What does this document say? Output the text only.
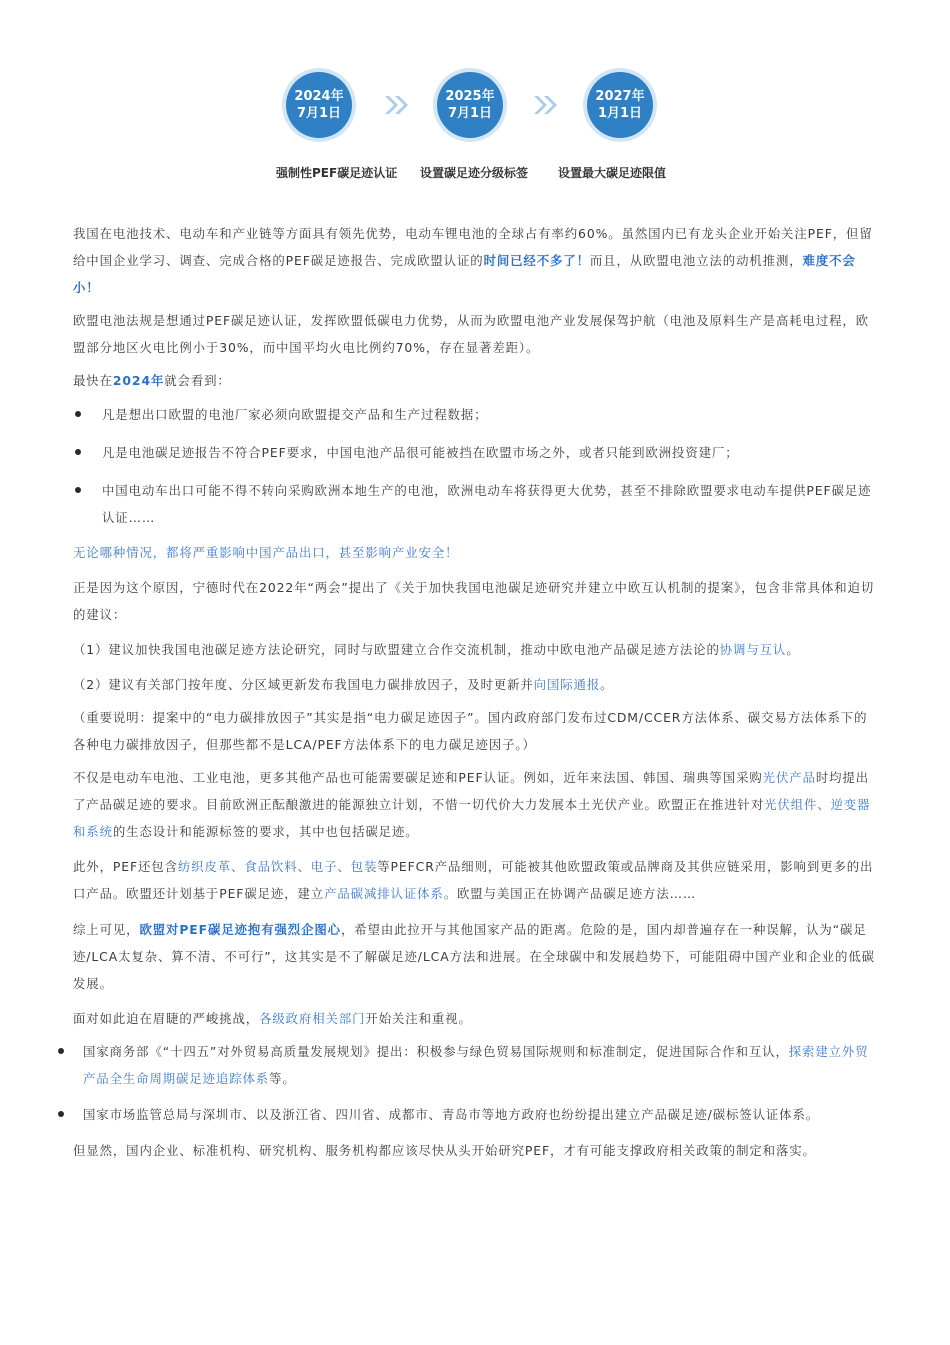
2024年
7月1日
2025年
7月1日
2027年
1月1日
强制性PEF碳足迹认证 设置碳足迹分级标签 设置最大碳足迹限值

我国在电池技术、电动车和产业链等方面具有领先优势，电动车锂电池的全球占有率约60%。虽然国内已有龙头企业开始关注PEF，但留给中国企业学习、调查、完成合格的PEF碳足迹报告、完成欧盟认证的时间已经不多了！而且，从欧盟电池立法的动机推测，难度不会小！

欧盟电池法规是想通过PEF碳足迹认证，发挥欧盟低碳电力优势，从而为欧盟电池产业发展保驾护航（电池及原料生产是高耗电过程，欧盟部分地区火电比例小于30%，而中国平均火电比例约70%，存在显著差距）。

最快在2024年就会看到：

凡是想出口欧盟的电池厂家必须向欧盟提交产品和生产过程数据；
凡是电池碳足迹报告不符合PEF要求，中国电池产品很可能被挡在欧盟市场之外，或者只能到欧洲投资建厂；
中国电动车出口可能不得不转向采购欧洲本地生产的电池，欧洲电动车将获得更大优势，甚至不排除欧盟要求电动车提供PEF碳足迹认证……

无论哪种情况，都将严重影响中国产品出口，甚至影响产业安全！

正是因为这个原因，宁德时代在2022年“两会”提出了《关于加快我国电池碳足迹研究并建立中欧互认机制的提案》，包含非常具体和迫切的建议：

（1）建议加快我国电池碳足迹方法论研究，同时与欧盟建立合作交流机制，推动中欧电池产品碳足迹方法论的协调与互认。

（2）建议有关部门按年度、分区域更新发布我国电力碳排放因子，及时更新并向国际通报。

（重要说明：提案中的“电力碳排放因子”其实是指“电力碳足迹因子”。国内政府部门发布过CDM/CCER方法体系、碳交易方法体系下的各种电力碳排放因子，但那些都不是LCA/PEF方法体系下的电力碳足迹因子。）

不仅是电动车电池、工业电池，更多其他产品也可能需要碳足迹和PEF认证。例如，近年来法国、韩国、瑞典等国采购光伏产品时均提出了产品碳足迹的要求。目前欧洲正酝酿激进的能源独立计划，不惜一切代价大力发展本土光伏产业。欧盟正在推进针对光伏组件、逆变器和系统的生态设计和能源标签的要求，其中也包括碳足迹。

此外，PEF还包含纺织皮革、食品饮料、电子、包装等PEFCR产品细则，可能被其他欧盟政策或品牌商及其供应链采用，影响到更多的出口产品。欧盟还计划基于PEF碳足迹，建立产品碳减排认证体系。欧盟与美国正在协调产品碳足迹方法……

综上可见，欧盟对PEF碳足迹抱有强烈企图心，希望由此拉开与其他国家产品的距离。危险的是，国内却普遍存在一种误解，认为“碳足迹/LCA太复杂、算不清、不可行”，这其实是不了解碳足迹/LCA方法和进展。在全球碳中和发展趋势下，可能阻碍中国产业和企业的低碳发展。

面对如此迫在眉睫的严峻挑战，各级政府相关部门开始关注和重视。

国家商务部《“十四五”对外贸易高质量发展规划》提出：积极参与绿色贸易国际规则和标准制定，促进国际合作和互认，探索建立外贸产品全生命周期碳足迹追踪体系等。
国家市场监管总局与深圳市、以及浙江省、四川省、成都市、青岛市等地方政府也纷纷提出建立产品碳足迹/碳标签认证体系。

但显然，国内企业、标准机构、研究机构、服务机构都应该尽快从头开始研究PEF，才有可能支撑政府相关政策的制定和落实。
